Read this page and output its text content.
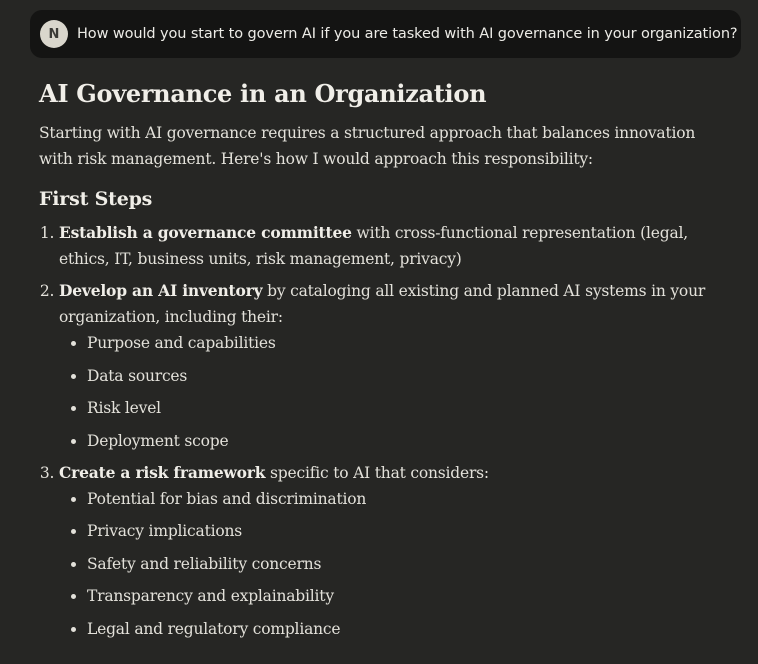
N	How would you start to govern AI if you are tasked with AI governance in your organization?
AI Governance in an Organization

Starting with AI governance requires a structured approach that balances innovation with risk management. Here's how I would approach this responsibility:

First Steps
1. Establish a governance committee with cross-functional representation (legal, ethics, IT, business units, risk management, privacy)
2. Develop an AI inventory by cataloging all existing and planned AI systems in your organization, including their:
• Purpose and capabilities
• Data sources
• Risk level
• Deployment scope
3. Create a risk framework specific to AI that considers:
• Potential for bias and discrimination
• Privacy implications
• Safety and reliability concerns
• Transparency and explainability
• Legal and regulatory compliance
